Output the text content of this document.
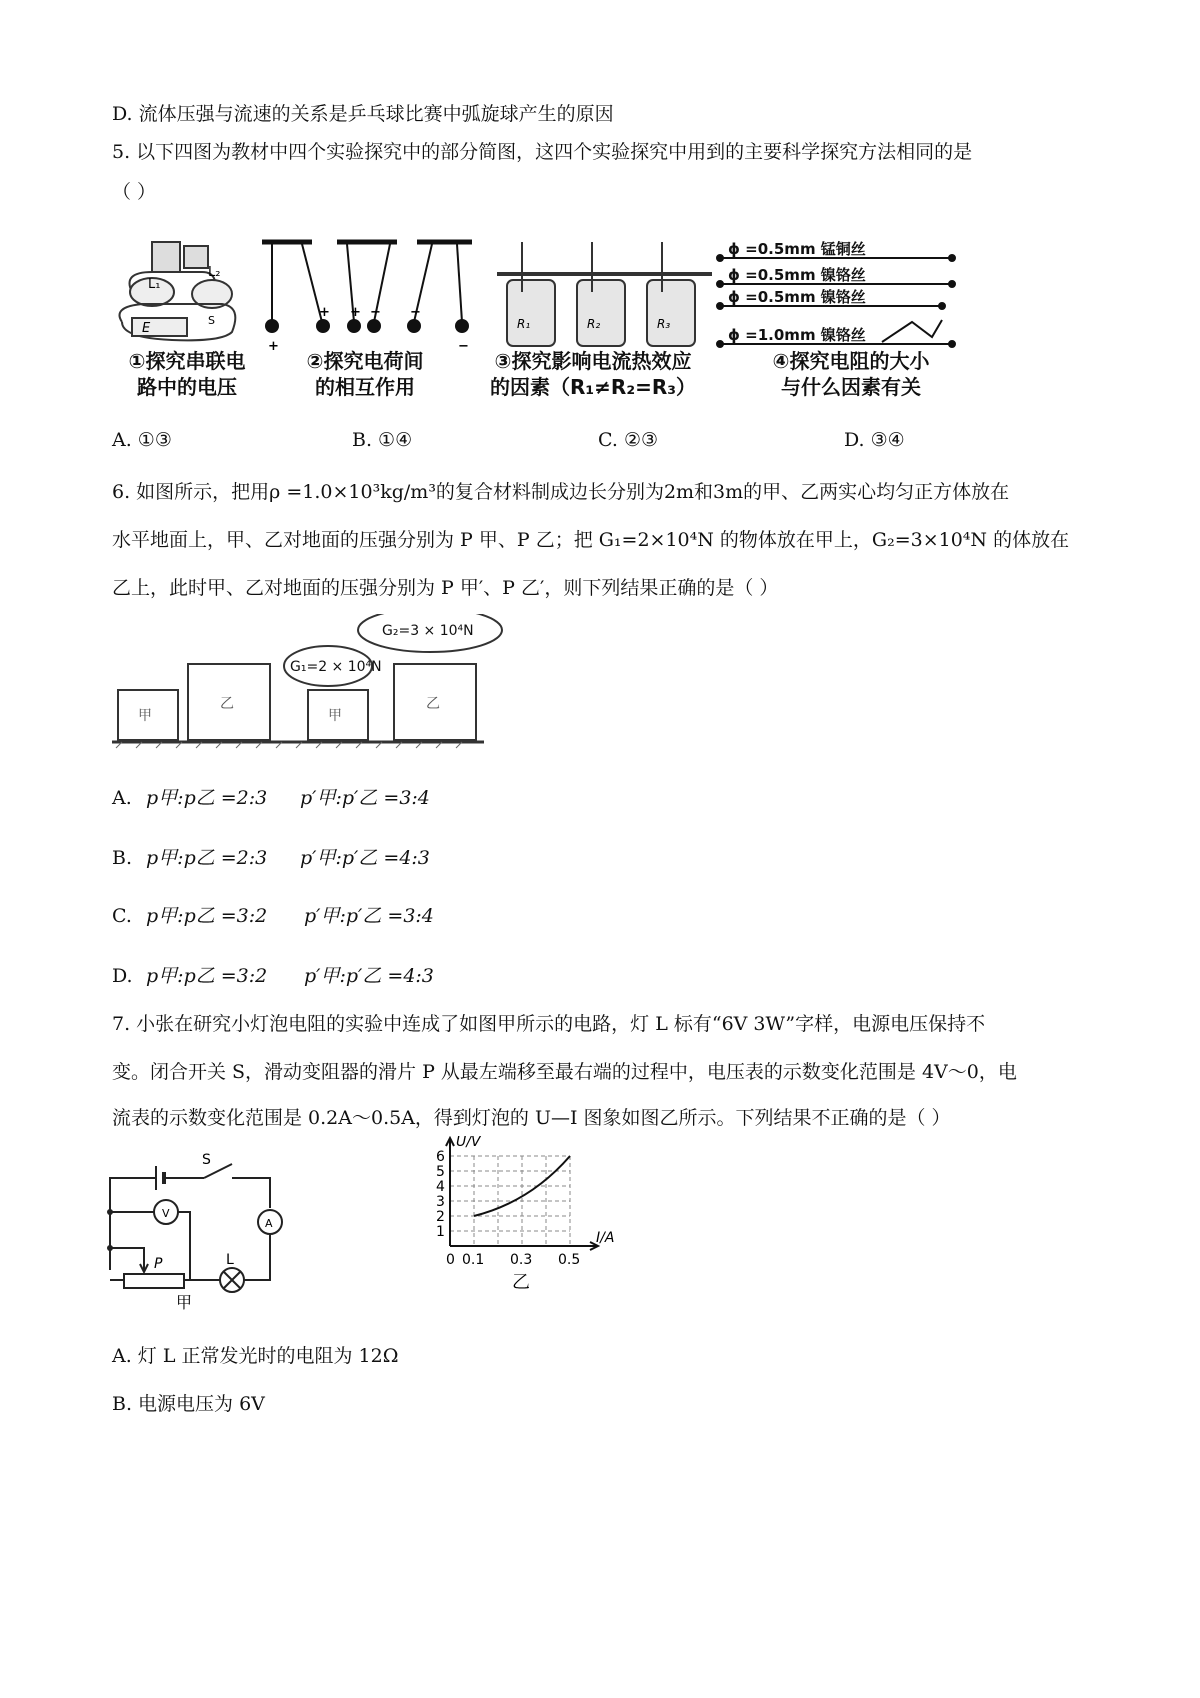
D. 流体压强与流速的关系是乒乓球比赛中弧旋球产生的原因
5. 以下四图为教材中四个实验探究中的部分简图，这四个实验探究中用到的主要科学探究方法相同的是
（ ）
L₁
L₂
E
S
+
+ + − −
−
R₁	R₂	R₃
ϕ =0.5mm 锰铜丝
ϕ =0.5mm 镍铬丝
ϕ =0.5mm 镍铬丝
ϕ =1.0mm 镍铬丝
①探究串联电
路中的电压
②探究电荷间
的相互作用
③探究影响电流热效应
的因素（R₁≠R₂=R₃）
④探究电阻的大小
与什么因素有关
A. ①③	B. ①④	C. ②③	D. ③④
6. 如图所示，把用ρ =1.0×10³kg/m³的复合材料制成边长分别为2m和3m的甲、乙两实心均匀正方体放在
水平地面上，甲、乙对地面的压强分别为 P 甲、P 乙；把 G₁=2×10⁴N 的物体放在甲上，G₂=3×10⁴N 的体放在
乙上，此时甲、乙对地面的压强分别为 P 甲′、P 乙′，则下列结果正确的是（ ）
甲
乙
甲
乙
G₁=2 × 10⁴N
G₂=3 × 10⁴N
A. p甲:p乙 =2:3 p′甲:p′乙 =3:4
B. p甲:p乙 =2:3 p′甲:p′乙 =4:3
C. p甲:p乙 =3:2 p′甲:p′乙 =3:4
D. p甲:p乙 =3:2 p′甲:p′乙 =4:3
7. 小张在研究小灯泡电阻的实验中连成了如图甲所示的电路，灯 L 标有“6V 3W”字样，电源电压保持不
变。闭合开关 S，滑动变阻器的滑片 P 从最左端移至最右端的过程中，电压表的示数变化范围是 4V～0，电
流表的示数变化范围是 0.2A～0.5A，得到灯泡的 U—I 图象如图乙所示。下列结果不正确的是（ ）
S
V
A
P	L
甲
U/V
I/A
1
2
3
4
5
6
0 0.1 0.3 0.5
乙
A. 灯 L 正常发光时的电阻为 12Ω
B. 电源电压为 6V
